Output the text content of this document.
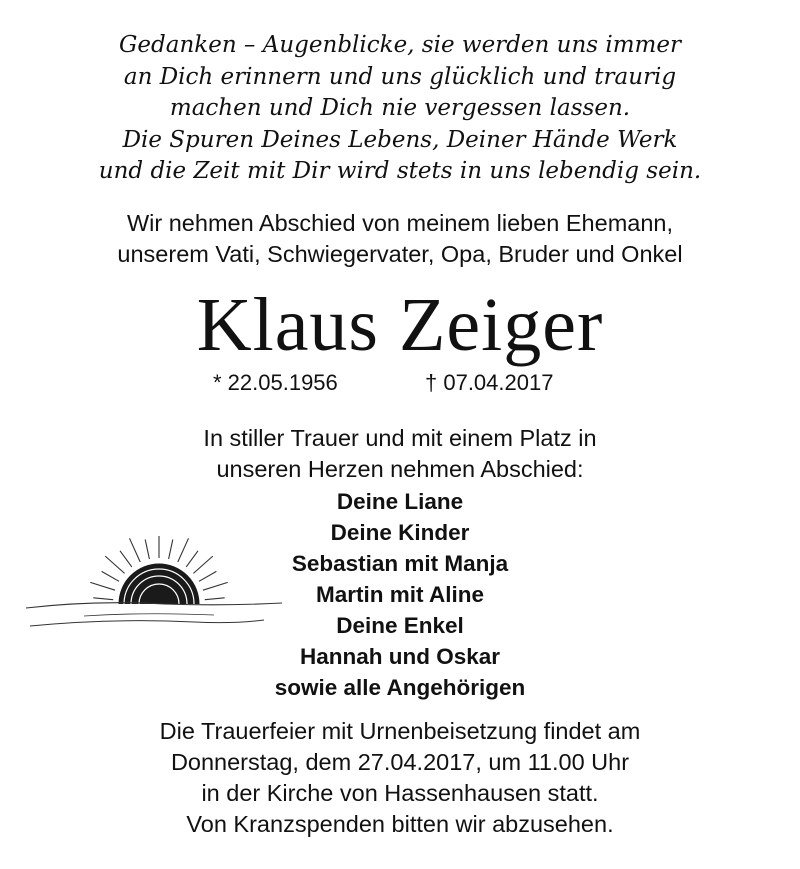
Gedanken – Augenblicke, sie werden uns immer
an Dich erinnern und uns glücklich und traurig
machen und Dich nie vergessen lassen.
Die Spuren Deines Lebens, Deiner Hände Werk
und die Zeit mit Dir wird stets in uns lebendig sein.
Wir nehmen Abschied von meinem lieben Ehemann,
unserem Vati, Schwiegervater, Opa, Bruder und Onkel
Klaus Zeiger
* 22.05.1956	† 07.04.2017
In stiller Trauer und mit einem Platz in
unseren Herzen nehmen Abschied:
Deine Liane
Deine Kinder
Sebastian mit Manja
Martin mit Aline
Deine Enkel
Hannah und Oskar
sowie alle Angehörigen
Die Trauerfeier mit Urnenbeisetzung findet am
Donnerstag, dem 27.04.2017, um 11.00 Uhr
in der Kirche von Hassenhausen statt.
Von Kranzspenden bitten wir abzusehen.
